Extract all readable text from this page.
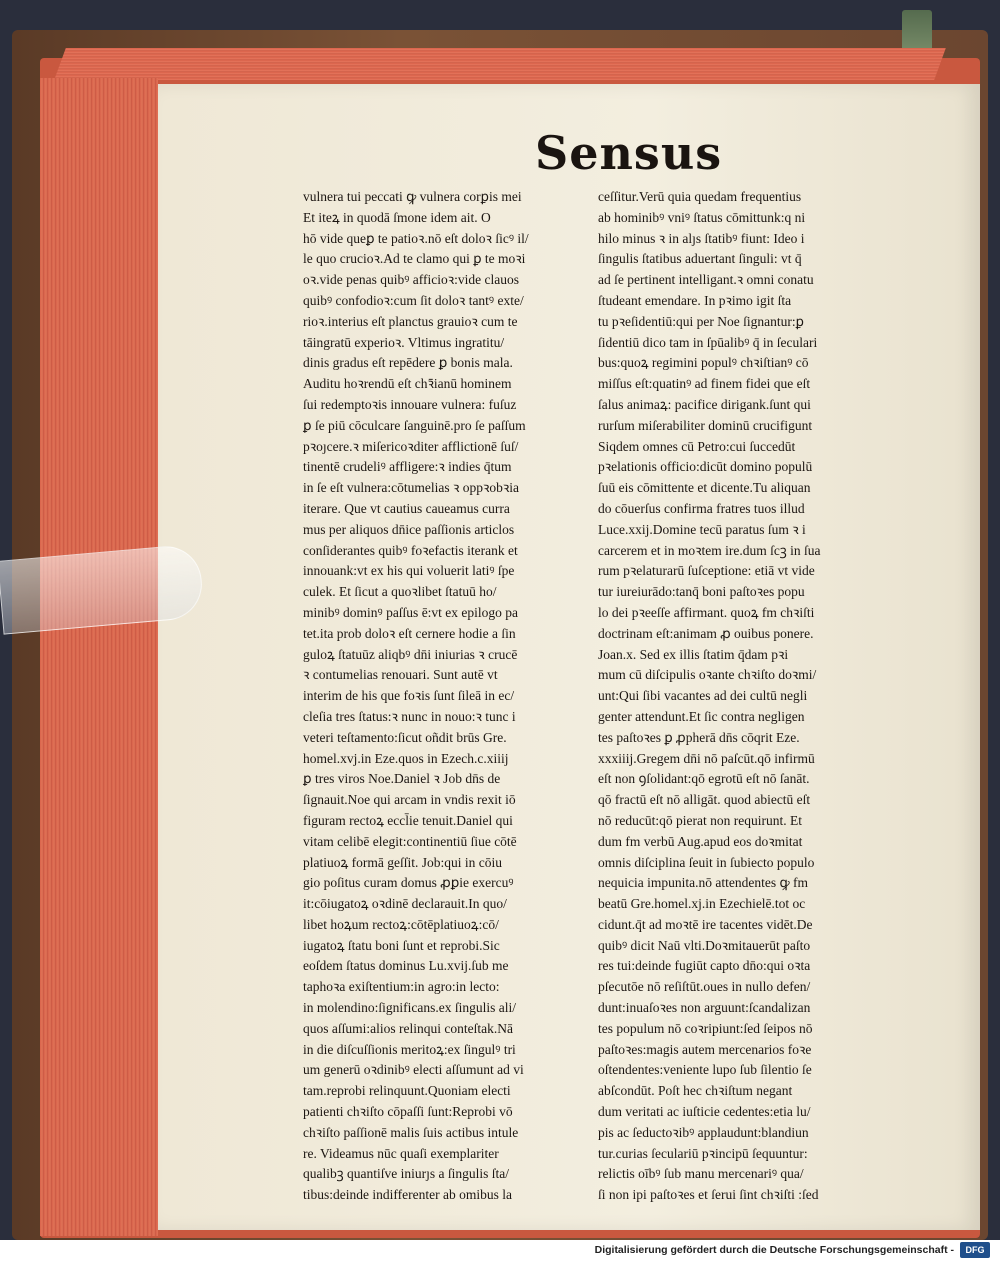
Sensus
vulnera tui peccati ꝙ vulnera corꝑis mei
Et iteꝝ in quodā ſmone idem ait. O
hō vide queꝑ te patioꝛ.nō eſt doloꝛ ſicꝰ il/
le quo crucioꝛ.Ad te clamo qui ꝑ te moꝛi
oꝛ.vide penas quibꝰ afficioꝛ:vide clauos
quibꝰ confodioꝛ:cum ſit doloꝛ tantꝰ exte/
rioꝛ.interius eſt planctus grauioꝛ cum te
tāingratū experioꝛ. Vltimus ingratitu/
dinis gradus eſt repēdere ꝑ bonis mala.
Auditu hoꝛrendū eſt chꝛ̄ianū hominem
ſui redemptoꝛis innouare vulnera: fuſuz
ꝑ ſe piū cōculcare ſanguinē.pro ſe paſſum
pꝛoȷcere.ꝛ miſericoꝛditer afflictionē ſuſ/
tinentē crudeliꝰ affligere:ꝛ indies q̄tum
in ſe eſt vulnera:cōtumelias ꝛ oppꝛobꝛia
iterare. Que vt cautius caueamus curra
mus per aliquos dn̄ice paſſionis articlos
conſiderantes quibꝰ foꝛefactis iterank et
innouank:vt ex his qui voluerit latiꝰ ſpe
culek. Et ſicut a quoꝛlibet ſtatuū ho/
minibꝰ dominꝰ paſſus ē:vt ex epilogo pa
tet.ita prob doloꝛ eſt cernere hodie a ſin
guloꝝ ſtatuūz aliqbꝰ dn̄i iniurias ꝛ crucē
ꝛ contumelias renouari. Sunt autē vt
interim de his que foꝛis ſunt ſileā in ec/
cleſia tres ſtatus:ꝛ nunc in nouo:ꝛ tunc i
veteri teſtamento:ſicut oñdit brūs Gre.
homel.xvj.in Eze.quos in Ezech.c.xiiij
ꝑ tres viros Noe.Daniel ꝛ Job dn̄s de
ſignauit.Noe qui arcam in vndis rexit iō
figuram rectoꝝ eccl̄ie tenuit.Daniel qui
vitam celibē elegit:continentiū ſiue cōtē
platiuoꝝ formā geſſit. Job:qui in cōiu
gio poſitus curam domus ꝓꝑie exercuꝰ
it:cōiugatoꝝ oꝛdinē declarauit.In quo/
libet hoꝝum rectoꝝ:cōtēplatiuoꝝ:cō/
iugatoꝝ ſtatu boni ſunt et reprobi.Sic
eoſdem ſtatus dominus Lu.xvij.ſub me
taphoꝛa exiſtentium:in agro:in lecto:
in molendino:ſignificans.ex ſingulis ali/
quos aſſumi:alios relinqui conteſtak.Nā
in die diſcuſſionis meritoꝝ:ex ſingulꝰ tri
um generū oꝛdinibꝰ electi aſſumunt ad vi
tam.reprobi relinquunt.Quoniam electi
patienti chꝛiſto cōpaſſi ſunt:Reprobi vō
chꝛiſto paſſionē malis ſuis actibus intule
re. Videamus nūc quaſi exemplariter
qualibꝫ quantiſve iniurȷs a ſingulis ſta/
tibus:deinde indifferenter ab omibus la
ceſſitur.Verū quia quedam frequentius
ab hominibꝰ vniꝰ ſtatus cōmittunk:q ni
hilo minus ꝛ in alȷs ſtatibꝰ fiunt: Ideo i
ſingulis ſtatibus aduertant ſinguli: vt q̄
ad ſe pertinent intelligant.ꝛ omni conatu
ſtudeant emendare. In pꝛimo igit ſta
tu pꝛeſidentiū:qui per Noe ſignantur:ꝑ
ſidentiū dico tam in ſpūalibꝰ q̄ in ſeculari
bus:quoꝝ regimini populꝰ chꝛiſtianꝰ cō
miſſus eſt:quatinꝰ ad finem fidei que eſt
ſalus animaꝝ: pacifice dirigank.ſunt qui
rurſum miſerabiliter dominū crucifigunt
Siqdem omnes cū Petro:cui ſuccedūt
pꝛelationis officio:dicūt domino populū
ſuū eis cōmittente et dicente.Tu aliquan
do cōuerſus confirma fratres tuos illud
Luce.xxij.Domine tecū paratus ſum ꝛ i
carcerem et in moꝛtem ire.dum ſcꝫ in ſua
rum pꝛelaturarū ſuſceptione: etiā vt vide
tur iureiurādo:tanq̄ boni paſtoꝛes popu
lo dei pꝛeeſſe affirmant. quoꝝ fm chꝛiſti
doctrinam eſt:animam ꝓ ouibus ponere.
Joan.x. Sed ex illis ſtatim q̄dam pꝛi
mum cū diſcipulis oꝛante chꝛiſto doꝛmi/
unt:Qui ſibi vacantes ad dei cultū negli
genter attendunt.Et ſic contra negligen
tes paſtoꝛes ꝑ ꝓpherā dn̄s cōqrit Eze.
xxxiiij.Gregem dn̄i nō paſcūt.qō infirmū
eſt non ꝯſolidant:qō egrotū eſt nō ſanāt.
qō fractū eſt nō alligāt. quod abiectū eſt
nō reducūt:qō pierat non requirunt. Et
dum fm verbū Aug.apud eos doꝛmitat
omnis diſciplina ſeuit in ſubiecto populo
nequicia impunita.nō attendentes ꝙ fm
beatū Gre.homel.xj.in Ezechielē.tot oc
cidunt.q̄t ad moꝛtē ire tacentes vidēt.De
quibꝰ dicit Naū vlti.Doꝛmitauerūt paſto
res tui:deinde fugiūt capto dn̄o:qui oꝛta
pſecutōe nō reſiſtūt.oues in nullo defen/
dunt:inuaſoꝛes non arguunt:ſcandalizan
tes populum nō coꝛripiunt:ſed ſeipos nō
paſtoꝛes:magis autem mercenarios foꝛe
oſtendentes:veniente lupo ſub ſilentio ſe
abſcondūt. Poſt hec chꝛiſtum negant
dum veritati ac iuſticie cedentes:etia lu/
pis ac ſeductoꝛibꝰ applaudunt:blandiun
tur.curias ſeculariū pꝛincipū ſequuntur:
relictis oībꝰ ſub manu mercenariꝰ qua/
ſi non ipi paſtoꝛes et ſerui ſint chꝛiſti :ſed
Digitalisierung gefördert durch die Deutsche Forschungsgemeinschaft -	DFG
